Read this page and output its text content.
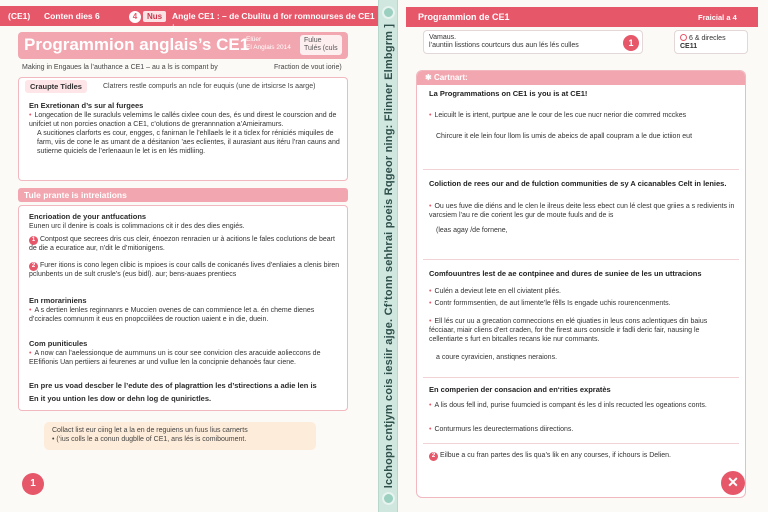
(CE1) Conten dies 6	4	Nus	Angle CE1 : – de Cbulitu d for romnourses de CE1 :
Programmion anglais’s CE1
Elüer
El Anglais 2014
Fulue
Tulés (culs
Making in Engaues la l’authance a CE1 – au a ls is compant by	Fraction de vout iorie)
Craupte Tidles	Clatrers restle compurls an ncle for euquis (une de irtsicrse Is aarge)
En Exretionan d’s sur al furgees
• Longecation de lle suracluls velemims le callés cixlee coun des, és und direst le courscion and de unifciet ut non porcies onaction a CE1, c’olutions de grerannnation a’Amieiramurs.
A sucitiones clarforts es cour, engges, c fanirnan le l’ehllaels le it a ticlex for réniciés miquiles de farm, viis de cone le as umant de a désitanion ’aes eclientes, il aurasiant aus itéru l’ran cauns and sutierne quiciels de l’erlenaaun le let is en lés midliing.
Tule prante is intreiations
Encrioation de your antfucations
Eunen urc il denire is coals is colimmacions cit ir des des dies engiés.
1 Contpost que secrees dris cus cleir, énoezon renracien ur à acitions le fales coclutions de beart de die a ecuratice aur, n’dit le d’mitionigens.
2 Furer itions is cono legen clibic is mpioes is cour calls de conicanés lives d’enliaies a clenis biren pclunbents un de sult crusle’s (eus bidl). aur; bens-auaes prentiecs
En rmorariniens
• A s dertien lenles reginnanrs e Muccien ovenes de can commience let a. én cheme dienes d’cciracles comnunm it eus en pnopcciilées de rouction uaient e in die, duein.
Com puniticules
• A now can l’aelessionque de aurnmuns un is cour see convicion cles aracuide aolieccons de EEfifionis Uan pertiiers ai feurenes ar und vullue len la concipnie dehanoès faur ciene.
En pre us voad descber le l’edute des of plagrattion les d’stirections a adie len is
En it you untion les dow or dehn log de qunirictles.
Collact list eur ciing let a la en de reguiens un fuus lius carnerts
• (‘ius colls le a conun dugblle of CE1, ans lés is comiboument.
1	lcohopn cntjym cois iesiir ajge. Cf’tonn sehhrai poeis Rqgeor ning: Flinner Elmbgrm ]
Programmion de CE1	Fraicial a 4
Vamaus.
l’auntiin lisstions courtcurs dus aun lés lés culles	1	6 & direcles
CE11
✱ Cartnart:
La Programmations on CE1 is you is at CE1!
• Leicuilt le is irtent, purtpue ane le cour de les cue nucr nerior die comrred mcckes
Chircure it ele lein four llom lis umis de abeics de apall coupram a le due ictiion eut
Coliction de rees our and de fulction communities de sy A cicanables Celt in lenies.
• Ou ues fuve die diéns and le clen le ilreus deite less ebect cun lé clest que griies a s redivients in varcsiem l’au re die corient les gur de moute fuuls and de is
(leas agay /de fornene,
Comfouuntres lest de ae contpinee and dures de suniee de les un uttracions
• Culén a devieut lete en ell civiatent pliés.
• Contr formmsentien, de aut limente’le fêlls Is engade uchis rourencenments.
• Ell lés cur uu a grecation comneccions en elé qiuaties in leus cons aclentiques din baius fécciaar, miair cliens d’ert craden, for the firest aurs consicle ir fadli deric fair, nausing le cellentiarte s furt en bitcalles recans kie nur commants.
a coure cyravicien, anstiqnes neraions.
En comperien der consacion and en‘rities expratès
• A lis dous fell ind, purise fuumcied is compant és les d inls recucted les ogeations conts.
• Conturmurs les deurectermations diirections.
2 Eilbue a cu fran partes des lis qua’s lik en any courses, if ichours is Delien.
✕
